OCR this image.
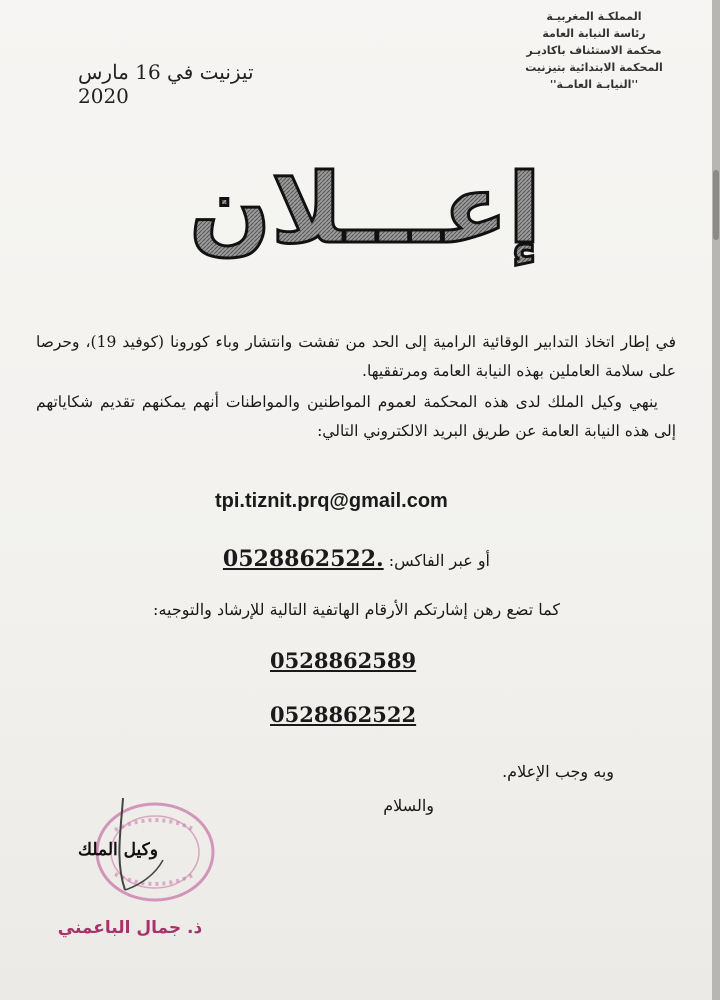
المملكـة المغربيـة
رئاسة النيابة العامة
محكمة الاستئناف باكاديـر
المحكمة الابتدائية بتيزنيت
''النيابـة العامـة''
تيزنيت في 16 مارس 2020
إعـــلان

في إطار اتخاذ التدابير الوقائية الرامية إلى الحد من تفشت وانتشار وباء كورونا (كوفيد 19)، وحرصا على سلامة العاملين بهذه النيابة العامة ومرتفقيها.

ينهي وكيل الملك لدى هذه المحكمة لعموم المواطنين والمواطنات أنهم يمكنهم تقديم شكاياتهم إلى هذه النيابة العامة عن طريق البريد الالكتروني التالي:

tpi.tiznit.prq@gmail.com
أو عبر الفاكس: 0528862522.
كما تضع رهن إشارتكم الأرقام الهاتفية التالية للإرشاد والتوجيه:
0528862589
0528862522
وبه وجب الإعلام.
والسلام
وكيل الملك
ذ. جمال الباعمني
